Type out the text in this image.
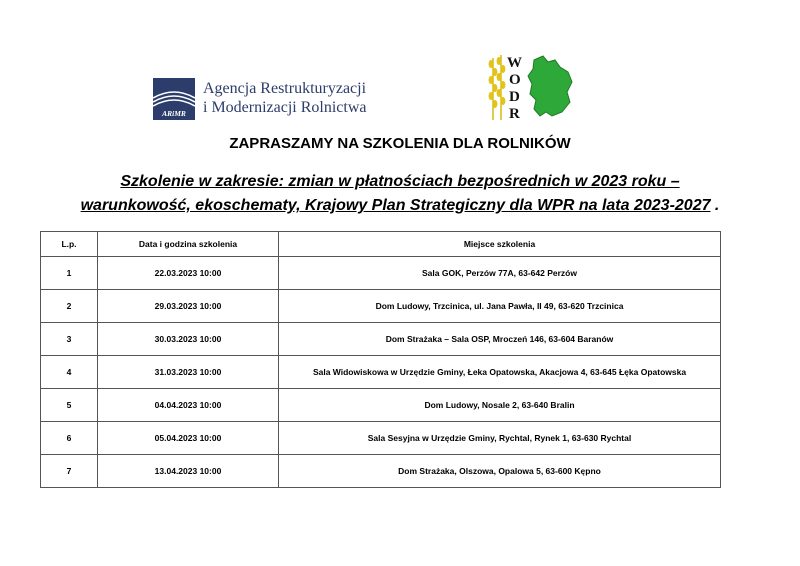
ARiMR
Agencja Restrukturyzacji
i Modernizacji Rolnictwa
W
O
D
R
ZAPRASZAMY NA SZKOLENIA DLA ROLNIKÓW
Szkolenie w zakresie: zmian w płatnościach bezpośrednich w 2023 roku –
warunkowość, ekoschematy, Krajowy Plan Strategiczny dla WPR na lata 2023-2027 .
L.p.	Data i godzina szkolenia	Miejsce szkolenia
1	22.03.2023 10:00	Sala GOK, Perzów 77A, 63-642 Perzów
2	29.03.2023 10:00	Dom Ludowy, Trzcinica, ul. Jana Pawła, II 49, 63-620 Trzcinica
3	30.03.2023 10:00	Dom Strażaka – Sala OSP, Mroczeń 146, 63-604 Baranów
4	31.03.2023 10:00	Sala Widowiskowa w Urzędzie Gminy, Łeka Opatowska, Akacjowa 4, 63-645 Łęka Opatowska
5	04.04.2023 10:00	Dom Ludowy, Nosale 2, 63-640 Bralin
6	05.04.2023 10:00	Sala Sesyjna w Urzędzie Gminy, Rychtal, Rynek 1, 63-630 Rychtal
7	13.04.2023 10:00	Dom Strażaka, Olszowa, Opalowa 5, 63-600 Kępno
